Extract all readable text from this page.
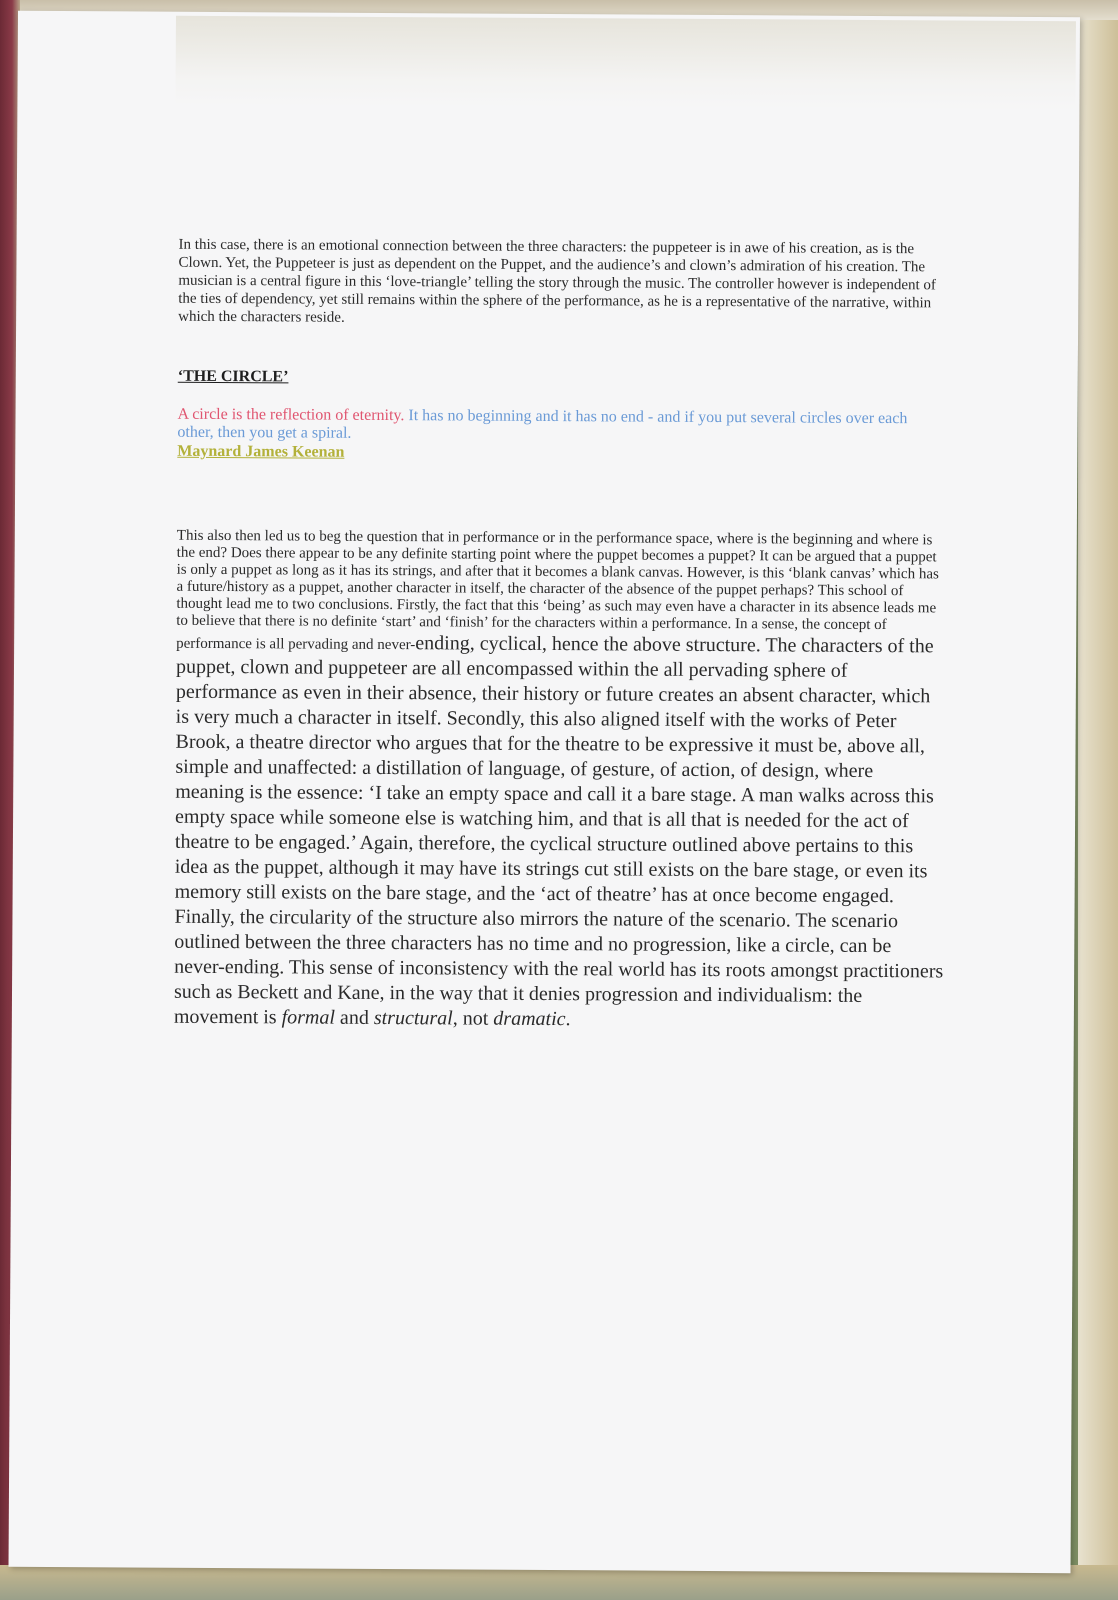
In this case, there is an emotional connection between the three characters: the puppeteer is in awe of his creation, as is the Clown. Yet, the Puppeteer is just as dependent on the Puppet, and the audience’s and clown’s admiration of his creation. The musician is a central figure in this ‘love-triangle’ telling the story through the music. The controller however is independent of the ties of dependency, yet still remains within the sphere of the performance, as he is a representative of the narrative, within which the characters reside.

‘THE CIRCLE’

A circle is the reflection of eternity. It has no beginning and it has no end - and if you put several circles over each other, then you get a spiral.

Maynard James Keenan

This also then led us to beg the question that in performance or in the performance space, where is the beginning and where is the end? Does there appear to be any definite starting point where the puppet becomes a puppet? It can be argued that a puppet is only a puppet as long as it has its strings, and after that it becomes a blank canvas. However, is this ‘blank canvas’ which has a future/history as a puppet, another character in itself, the character of the absence of the puppet perhaps? This school of thought lead me to two conclusions. Firstly, the fact that this ‘being’ as such may even have a character in its absence leads me to believe that there is no definite ‘start’ and ‘finish’ for the characters within a performance. In a sense, the concept of performance is all pervading and never-ending, cyclical, hence the above structure. The characters of the puppet, clown and puppeteer are all encompassed within the all pervading sphere of performance as even in their absence, their history or future creates an absent character, which is very much a character in itself. Secondly, this also aligned itself with the works of Peter Brook, a theatre director who argues that for the theatre to be expressive it must be, above all, simple and unaffected: a distillation of language, of gesture, of action, of design, where meaning is the essence: ‘I take an empty space and call it a bare stage. A man walks across this empty space while someone else is watching him, and that is all that is needed for the act of theatre to be engaged.’ Again, therefore, the cyclical structure outlined above pertains to this idea as the puppet, although it may have its strings cut still exists on the bare stage, or even its memory still exists on the bare stage, and the ‘act of theatre’ has at once become engaged. Finally, the circularity of the structure also mirrors the nature of the scenario. The scenario outlined between the three characters has no time and no progression, like a circle, can be never-ending. This sense of inconsistency with the real world has its roots amongst practitioners such as Beckett and Kane, in the way that it denies progression and individualism: the movement is formal and structural, not dramatic.
